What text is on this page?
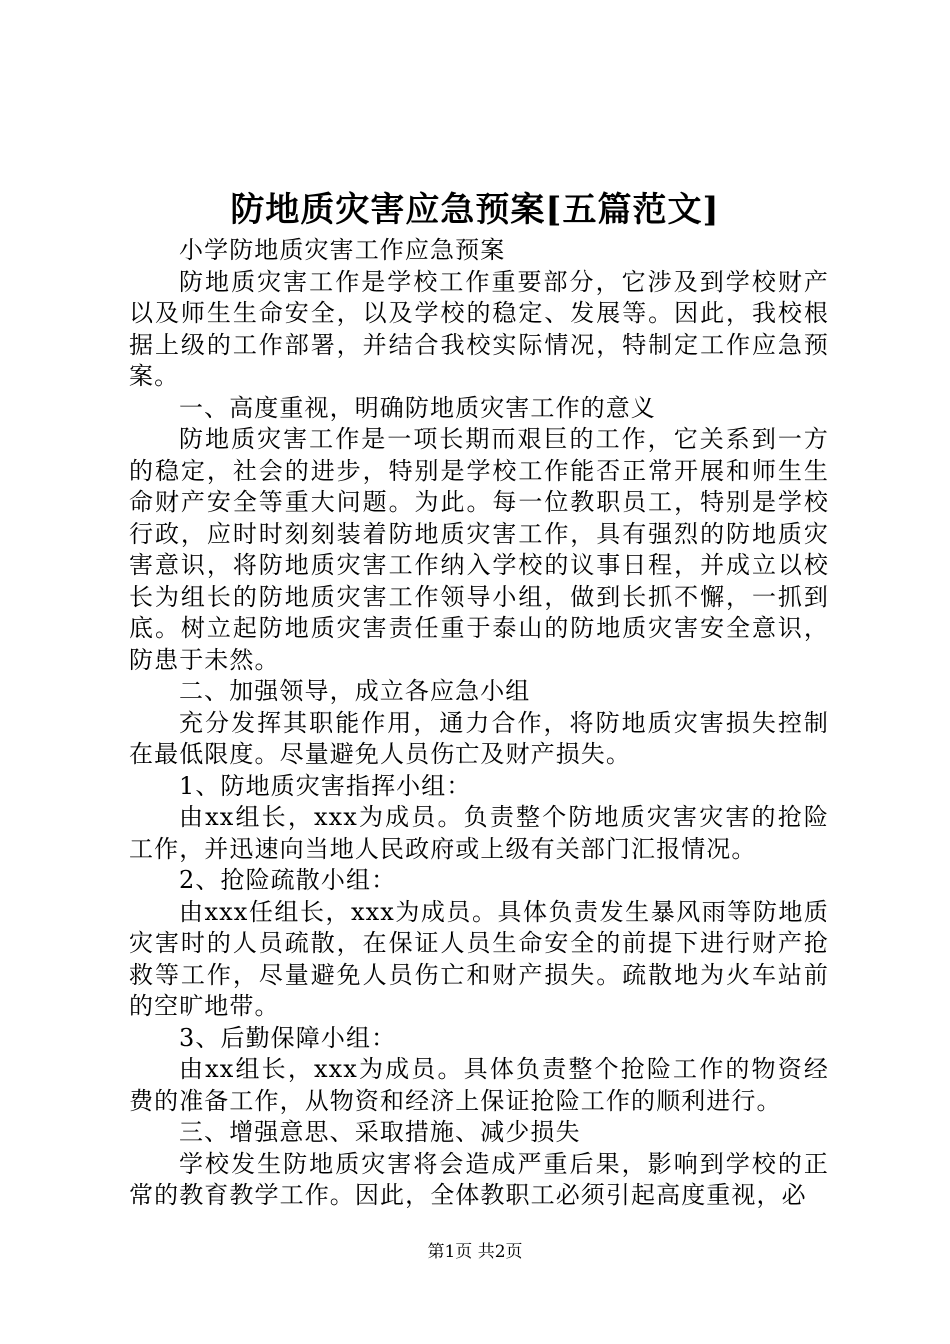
防地质灾害应急预案[五篇范文]

小学防地质灾害工作应急预案

防地质灾害工作是学校工作重要部分，它涉及到学校财产以及师生生命安全，以及学校的稳定、发展等。因此，我校根据上级的工作部署，并结合我校实际情况，特制定工作应急预案。

一、高度重视，明确防地质灾害工作的意义

防地质灾害工作是一项长期而艰巨的工作，它关系到一方的稳定，社会的进步，特别是学校工作能否正常开展和师生生命财产安全等重大问题。为此。每一位教职员工，特别是学校行政，应时时刻刻装着防地质灾害工作，具有强烈的防地质灾害意识，将防地质灾害工作纳入学校的议事日程，并成立以校长为组长的防地质灾害工作领导小组，做到长抓不懈，一抓到底。树立起防地质灾害责任重于泰山的防地质灾害安全意识，防患于未然。

二、加强领导，成立各应急小组

充分发挥其职能作用，通力合作，将防地质灾害损失控制在最低限度。尽量避免人员伤亡及财产损失。

1、防地质灾害指挥小组：

由xx组长，xxx为成员。负责整个防地质灾害灾害的抢险工作，并迅速向当地人民政府或上级有关部门汇报情况。

2、抢险疏散小组：

由xxx任组长，xxx为成员。具体负责发生暴风雨等防地质灾害时的人员疏散，在保证人员生命安全的前提下进行财产抢救等工作，尽量避免人员伤亡和财产损失。疏散地为火车站前的空旷地带。

3、后勤保障小组：

由xx组长，xxx为成员。具体负责整个抢险工作的物资经费的准备工作，从物资和经济上保证抢险工作的顺利进行。

三、增强意思、采取措施、减少损失

学校发生防地质灾害将会造成严重后果，影响到学校的正常的教育教学工作。因此，全体教职工必须引起高度重视，必

第1页 共2页
